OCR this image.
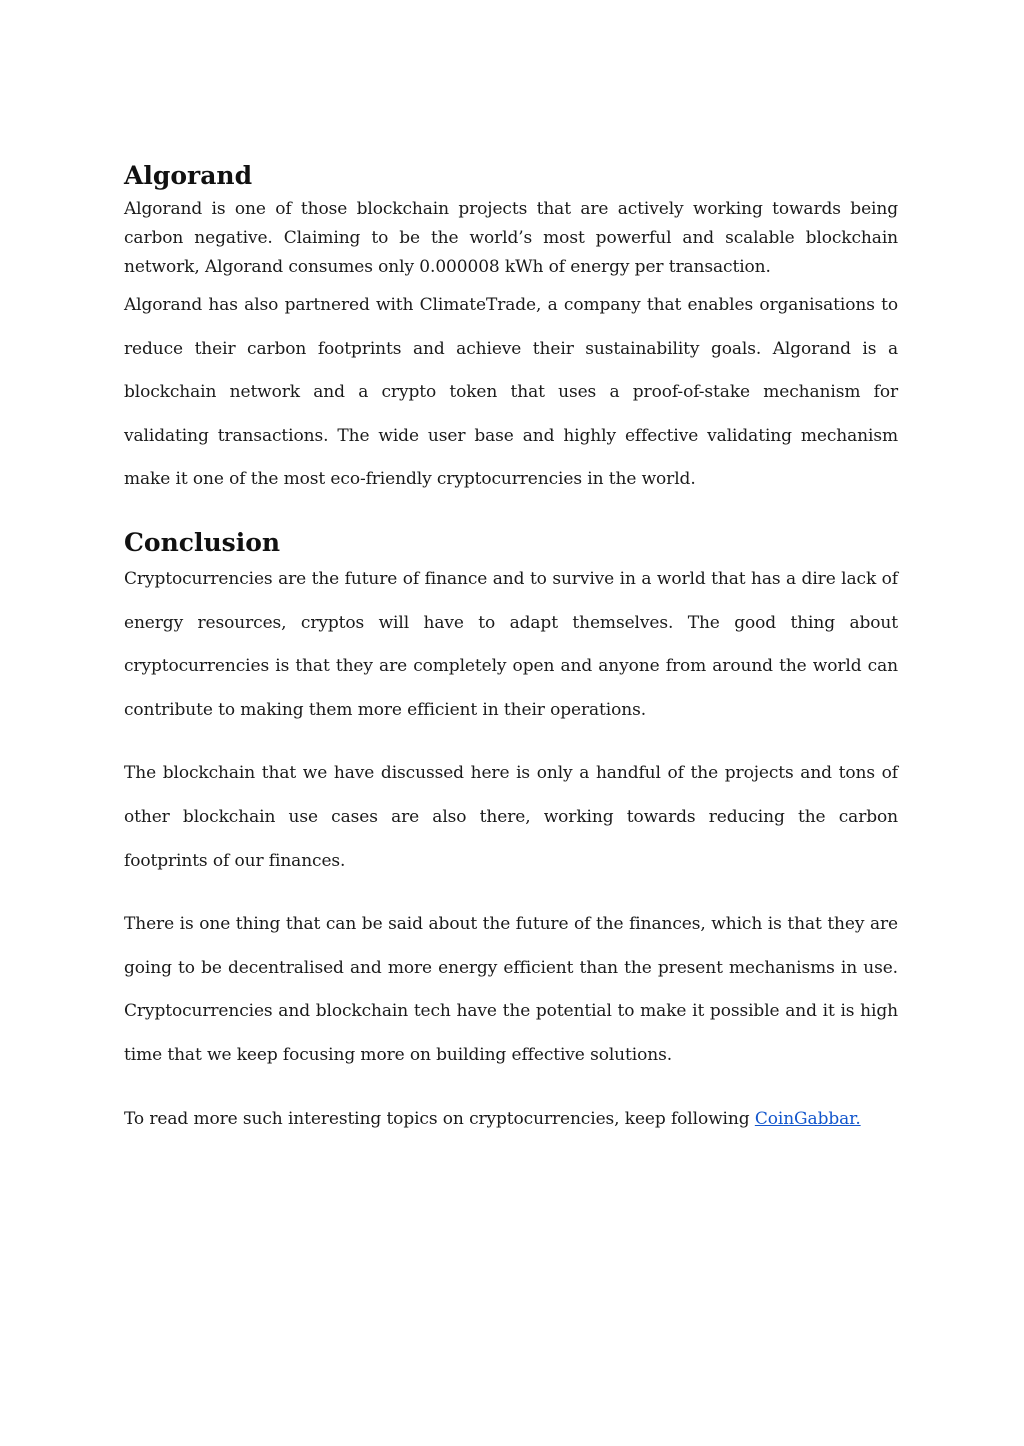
Algorand

Algorand is one of those blockchain projects that are actively working towards being carbon negative. Claiming to be the world’s most powerful and scalable blockchain network, Algorand consumes only 0.000008 kWh of energy per transaction.

Algorand has also partnered with ClimateTrade, a company that enables organisations to reduce their carbon footprints and achieve their sustainability goals. Algorand is a blockchain network and a crypto token that uses a proof-of-stake mechanism for validating transactions. The wide user base and highly effective validating mechanism make it one of the most eco-friendly cryptocurrencies in the world.

Conclusion

Cryptocurrencies are the future of finance and to survive in a world that has a dire lack of energy resources, cryptos will have to adapt themselves. The good thing about cryptocurrencies is that they are completely open and anyone from around the world can contribute to making them more efficient in their operations.

The blockchain that we have discussed here is only a handful of the projects and tons of other blockchain use cases are also there, working towards reducing the carbon footprints of our finances.

There is one thing that can be said about the future of the finances, which is that they are going to be decentralised and more energy efficient than the present mechanisms in use. Cryptocurrencies and blockchain tech have the potential to make it possible and it is high time that we keep focusing more on building effective solutions.

To read more such interesting topics on cryptocurrencies, keep following CoinGabbar.
